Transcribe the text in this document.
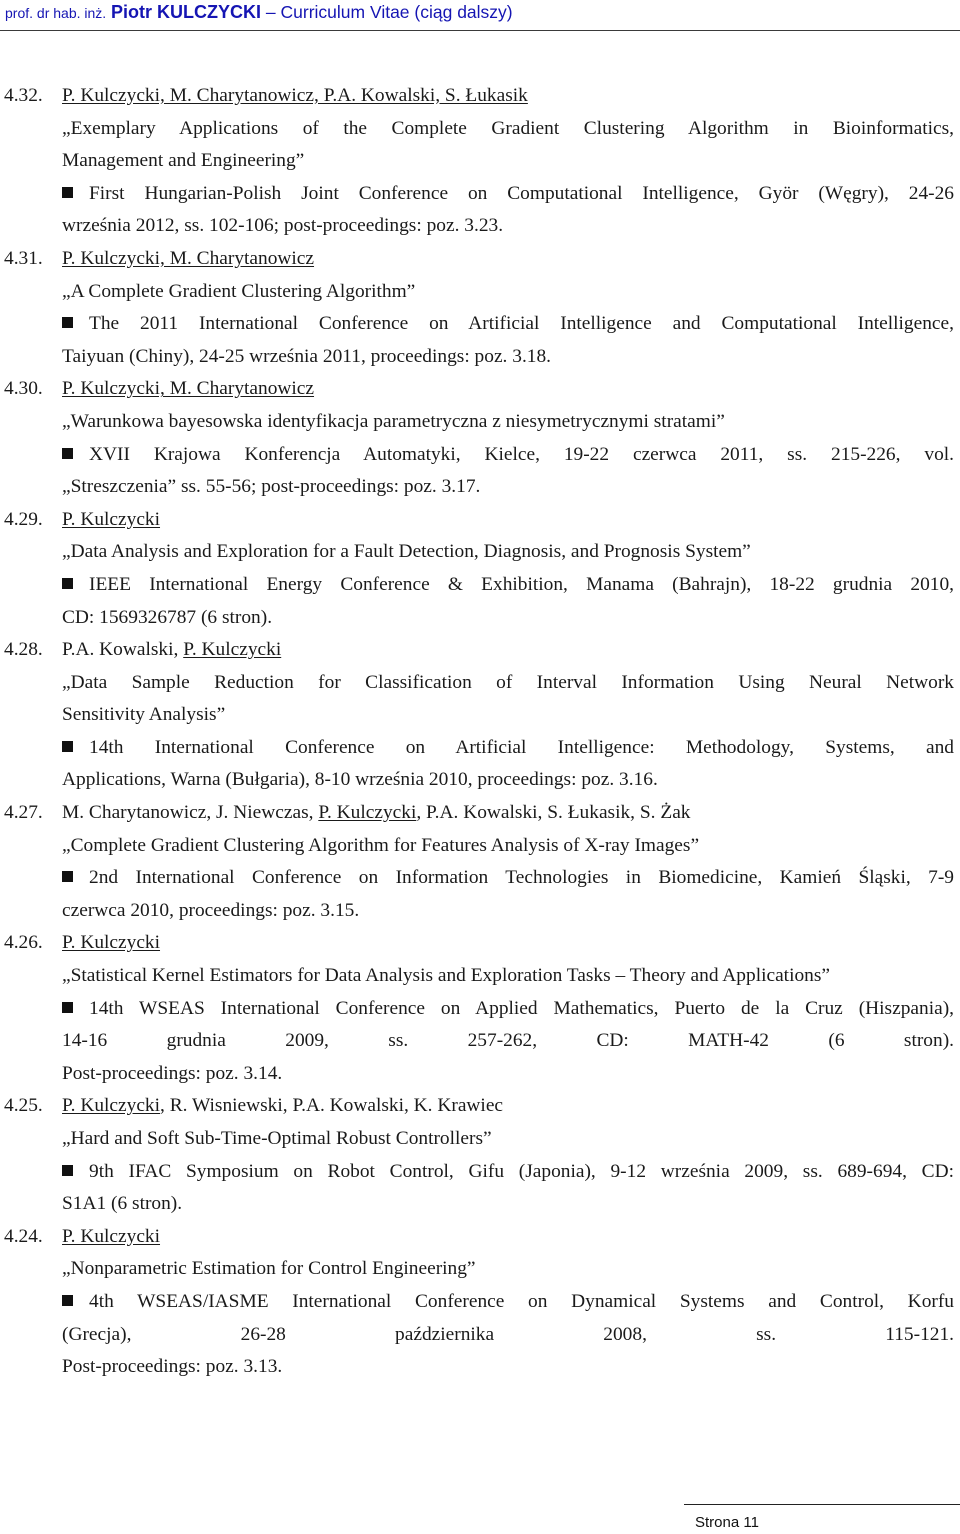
prof. dr hab. inż. Piotr KULCZYCKI – Curriculum Vitae (ciąg dalszy)
4.32. P. Kulczycki, M. Charytanowicz, P.A. Kowalski, S. Łukasik
„Exemplary Applications of the Complete Gradient Clustering Algorithm in Bioinformatics,
Management and Engineering”
First Hungarian-Polish Joint Conference on Computational Intelligence, Györ (Węgry), 24-26
września 2012, ss. 102-106; post-proceedings: poz. 3.23.
4.31. P. Kulczycki, M. Charytanowicz
„A Complete Gradient Clustering Algorithm”
The 2011 International Conference on Artificial Intelligence and Computational Intelligence,
Taiyuan (Chiny), 24-25 września 2011, proceedings: poz. 3.18.
4.30. P. Kulczycki, M. Charytanowicz
„Warunkowa bayesowska identyfikacja parametryczna z niesymetrycznymi stratami”
XVII Krajowa Konferencja Automatyki, Kielce, 19-22 czerwca 2011, ss. 215-226, vol.
„Streszczenia” ss. 55-56; post-proceedings: poz. 3.17.
4.29. P. Kulczycki
„Data Analysis and Exploration for a Fault Detection, Diagnosis, and Prognosis System”
IEEE International Energy Conference & Exhibition, Manama (Bahrajn), 18-22 grudnia 2010,
CD: 1569326787 (6 stron).
4.28. P.A. Kowalski, P. Kulczycki
„Data Sample Reduction for Classification of Interval Information Using Neural Network
Sensitivity Analysis”
14th International Conference on Artificial Intelligence: Methodology, Systems, and
Applications, Warna (Bułgaria), 8-10 września 2010, proceedings: poz. 3.16.
4.27. M. Charytanowicz, J. Niewczas, P. Kulczycki, P.A. Kowalski, S. Łukasik, S. Żak
„Complete Gradient Clustering Algorithm for Features Analysis of X-ray Images”
2nd International Conference on Information Technologies in Biomedicine, Kamień Śląski, 7-9
czerwca 2010, proceedings: poz. 3.15.
4.26. P. Kulczycki
„Statistical Kernel Estimators for Data Analysis and Exploration Tasks – Theory and Applications”
14th WSEAS International Conference on Applied Mathematics, Puerto de la Cruz (Hiszpania),
14-16 grudnia 2009, ss. 257-262, CD: MATH-42 (6 stron).
Post-proceedings: poz. 3.14.
4.25. P. Kulczycki, R. Wisniewski, P.A. Kowalski, K. Krawiec
„Hard and Soft Sub-Time-Optimal Robust Controllers”
9th IFAC Symposium on Robot Control, Gifu (Japonia), 9-12 września 2009, ss. 689-694, CD:
S1A1 (6 stron).
4.24. P. Kulczycki
„Nonparametric Estimation for Control Engineering”
4th WSEAS/IASME International Conference on Dynamical Systems and Control, Korfu
(Grecja), 26-28 października 2008, ss. 115-121.
Post-proceedings: poz. 3.13.
Strona 11
